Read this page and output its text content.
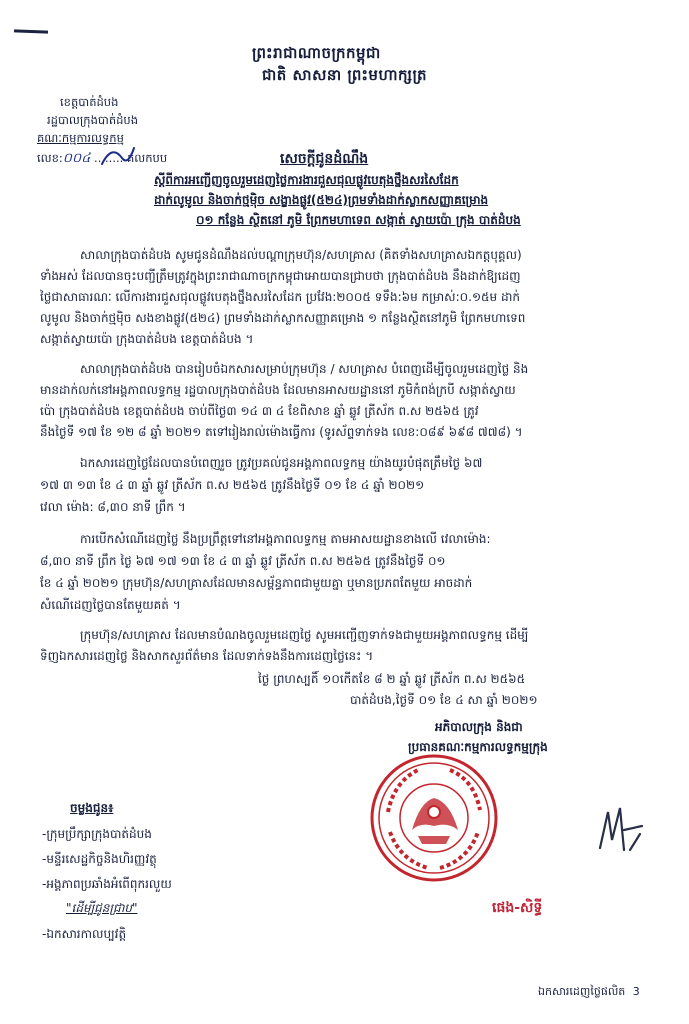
ព្រះរាជាណាចក្រកម្ពុជា
ជាតិ សាសនា ព្រះមហាក្សត្រ
ខេត្តបាត់ដំបង
រដ្ឋបាលក្រុងបាត់ដំបង
គណៈកម្មការលទ្ធកម្ម
លេខ:០០៤ ........ គលកបប	សេចក្តីជូនដំណឹង
ស្តីពីការអញ្ជើញចូលរួមដេញថ្លៃការងារជួសជុលផ្លូវបេតុងថ្នឹងសរសៃដែក
ដាក់លូមូល និងចាក់ថ្មម៉ិច សង្ខាងផ្លូវ(៥២៤)ព្រមទាំងដាក់ស្លាកសញ្ញាគម្រោង
០១ កន្លែង ស្ថិតនៅ ភូមិ ព្រែកមហាទេព សង្កាត់ ស្វាយប៉ោ ក្រុង បាត់ដំបង
សាលាក្រុងបាត់ដំបង សូមជូនដំណឹងដល់បណ្តាក្រុមហ៊ុន/សហគ្រាស (គិតទាំងសហគ្រាសឯកត្តបុគ្គល)
ទាំងអស់ ដែលបានចុះបញ្ជីត្រឹមត្រូវក្នុងព្រះរាជាណាចក្រកម្ពុជាអោយបានជ្រាបថា ក្រុងបាត់ដំបង នឹងដាក់ឱ្យដេញ
ថ្លៃជាសាធារណៈ លើការងារជួសជុលផ្លូវបេតុងថ្នឹងសរសៃដែក ប្រវែង:២០០៥ ទទឹង:៦ម កម្រាស់:០.១៥ម ដាក់
លូមូល និងចាក់ថ្មម៉ិច សងខាងផ្លូវ(៥២៤) ព្រមទាំងដាក់ស្លាកសញ្ញាគម្រោង ១ កន្លែងស្ថិតនៅភូមិ ព្រែកមហាទេព
សង្កាត់ស្វាយប៉ោ ក្រុងបាត់ដំបង ខេត្តបាត់ដំបង ។
សាលាក្រុងបាត់ដំបង បានរៀបចំឯកសារសម្រាប់ក្រុមហ៊ុន / សហគ្រាស បំពេញដើម្បីចូលរួមដេញថ្លៃ និង
មានដាក់លក់នៅអង្គភាពលទ្ធកម្ម រដ្ឋបាលក្រុងបាត់ដំបង ដែលមានអាសយដ្ឋាននៅ ភូមិកំពង់ក្របី សង្កាត់ស្វាយ
ប៉ោ ក្រុងបាត់ដំបង ខេត្តបាត់ដំបង ចាប់ពីថ្ងៃ៣ ១៤ ៣ ៤ ខែពិសាខ ឆ្នាំ ឆ្លូវ ត្រីស័ក ព.ស ២៥៦៥ ត្រូវ
នឹងថ្ងៃទី ១៧ ខែ ១២ ៨ ឆ្នាំ ២០២១ តទៅរៀងរាល់ម៉ោងធ្វើការ (ទូរស័ព្ទទាក់ទង លេខ:០៨៩ ៦៩៨ ៧៧៨) ។
ឯកសារដេញថ្លៃដែលបានបំពេញរួច ត្រូវប្រគល់ជូនអង្គភាពលទ្ធកម្ម យ៉ាងយូរបំផុតត្រឹមថ្ងៃ ៦៧
១៧ ៣ ១៣ ខែ ៤ ៣ ឆ្នាំ ឆ្លូវ ត្រីស័ក ព.ស ២៥៦៥ ត្រូវនឹងថ្ងៃទី ០១ ខែ ៤ ឆ្នាំ ២០២១
វេលា ម៉ោង: ៨,៣០ នាទី ព្រឹក ។
ការបើកសំណើដេញថ្លៃ នឹងប្រព្រឹត្តទៅនៅអង្គភាពលទ្ធកម្ម តាមអាសយដ្ឋានខាងលើ វេលាម៉ោង:
៨,៣០ នាទី ព្រឹក ថ្ងៃ ៦៧ ១៧ ១៣ ខែ ៤ ៣ ឆ្នាំ ឆ្លូវ ត្រីស័ក ព.ស ២៥៦៥ ត្រូវនឹងថ្ងៃទី ០១
ខែ ៤ ឆ្នាំ ២០២១ ក្រុមហ៊ុន/សហគ្រាសដែលមានសម្ព័ន្ធភាពជាមួយគ្នា ឬមានប្រភពតែមួយ អាចដាក់
សំណើដេញថ្លៃបានតែមួយគត់ ។
ក្រុមហ៊ុន/សហគ្រាស ដែលមានបំណងចូលរួមដេញថ្លៃ សូមអញ្ជើញទាក់ទងជាមួយអង្គភាពលទ្ធកម្ម ដើម្បី
ទិញឯកសារដេញថ្លៃ និងសាកសួរព័ត៌មាន ដែលទាក់ទងនឹងការដេញថ្លៃនេះ ។
ថ្ងៃ ព្រហស្បតិ៍ ១០កើតខែ ៨ ២ ឆ្នាំ ឆ្លូវ ត្រីស័ក ព.ស ២៥៦៥
បាត់ដំបង,ថ្ងៃទី ០១ ខែ ៤ សា ឆ្នាំ ២០២១
អភិបាលក្រុង និងជា
ប្រធានគណៈកម្មការលទ្ធកម្មក្រុង
ផេង-សិទ្ធី
ចម្លងជូន៖
-ក្រុមប្រឹក្សាក្រុងបាត់ដំបង
-មន្ទីរសេដ្ឋកិច្ចនិងហិរញ្ញវត្ថុ
-អង្គភាពប្រឆាំងអំពើពុករលួយ
"ដើម្បីជូនជ្រាប"
-ឯកសារកាលប្បវត្តិ
ឯកសារដេញថ្លៃផលិត 3
